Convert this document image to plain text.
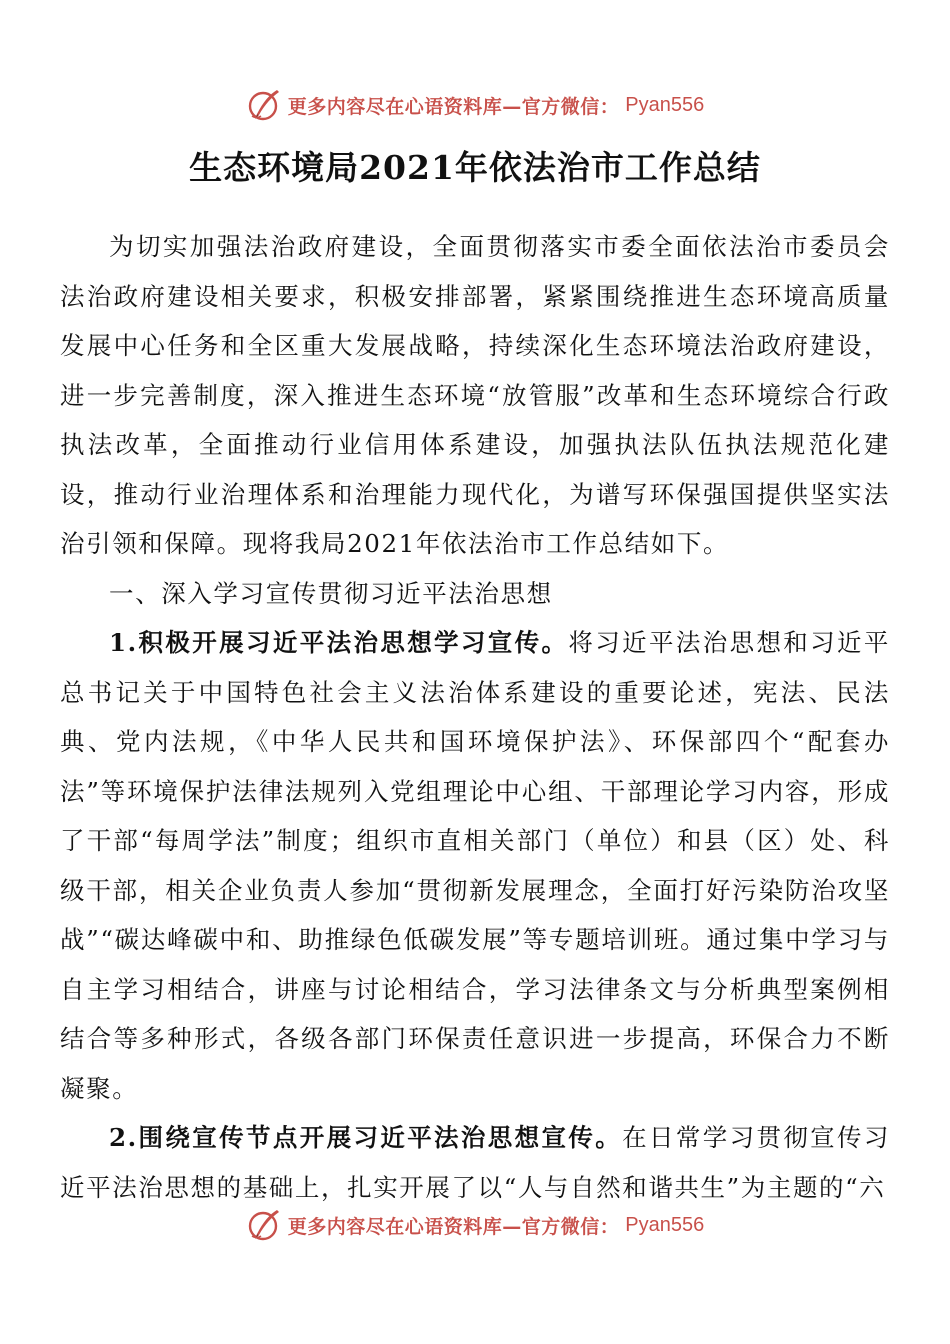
更多内容尽在心语资料库—官方微信： Pyan556
生态环境局2021年依法治市工作总结

为切实加强法治政府建设，全面贯彻落实市委全面依法治市委员会法治政府建设相关要求，积极安排部署，紧紧围绕推进生态环境高质量发展中心任务和全区重大发展战略，持续深化生态环境法治政府建设，进一步完善制度，深入推进生态环境“放管服”改革和生态环境综合行政执法改革，全面推动行业信用体系建设，加强执法队伍执法规范化建设，推动行业治理体系和治理能力现代化，为谱写环保强国提供坚实法治引领和保障。现将我局2021年依法治市工作总结如下。

一、深入学习宣传贯彻习近平法治思想

1.积极开展习近平法治思想学习宣传。将习近平法治思想和习近平总书记关于中国特色社会主义法治体系建设的重要论述，宪法、民法典、党内法规，《中华人民共和国环境保护法》、环保部四个“配套办法”等环境保护法律法规列入党组理论中心组、干部理论学习内容，形成了干部“每周学法”制度；组织市直相关部门（单位）和县（区）处、科级干部，相关企业负责人参加“贯彻新发展理念，全面打好污染防治攻坚战”“碳达峰碳中和、助推绿色低碳发展”等专题培训班。通过集中学习与自主学习相结合，讲座与讨论相结合，学习法律条文与分析典型案例相结合等多种形式，各级各部门环保责任意识进一步提高，环保合力不断凝聚。

2.围绕宣传节点开展习近平法治思想宣传。在日常学习贯彻宣传习近平法治思想的基础上，扎实开展了以“人与自然和谐共生”为主题的“六

更多内容尽在心语资料库—官方微信： Pyan556
